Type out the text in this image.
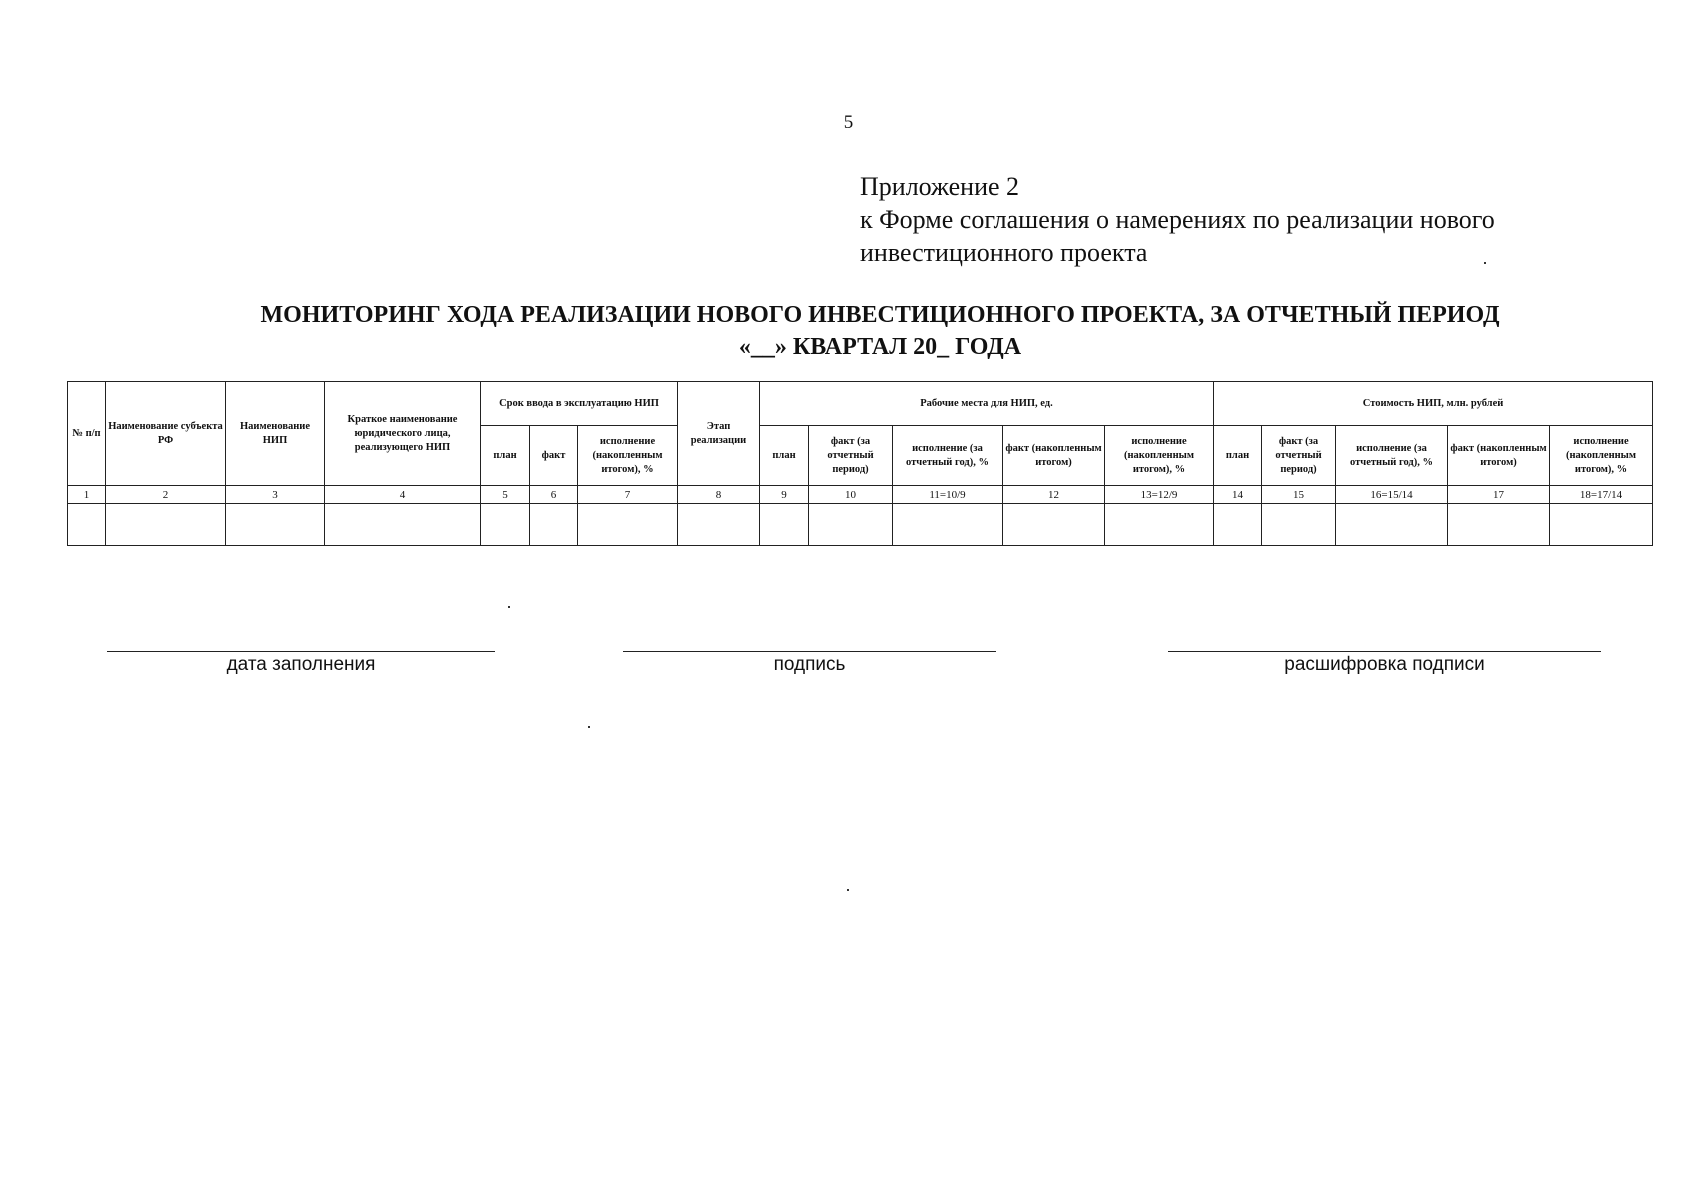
5
Приложение 2
к Форме соглашения о намерениях по реализации нового
инвестиционного проекта
МОНИТОРИНГ ХОДА РЕАЛИЗАЦИИ НОВОГО ИНВЕСТИЦИОННОГО ПРОЕКТА, ЗА ОТЧЕТНЫЙ ПЕРИОД
«__» КВАРТАЛ 20_ ГОДА
№ п/п	Наименование субъекта РФ	Наименование НИП	Краткое наименование юридического лица, реализующего НИП	Срок ввода в эксплуатацию НИП			Этап реализации	Рабочие места для НИП, ед.					Стоимость НИП, млн. рублей				
				план	факт	исполнение (накопленным итогом), %		план	факт (за отчетный период)	исполнение (за отчетный год), %	факт (накопленным итогом)	исполнение (накопленным итогом), %	план	факт (за отчетный период)	исполнение (за отчетный год), %	факт (накопленным итогом)	исполнение (накопленным итогом), %
1	2	3	4	5	6	7	8	9	10	11=10/9	12	13=12/9	14	15	16=15/14	17	18=17/14

дата заполнения	подпись	расшифровка подписи
